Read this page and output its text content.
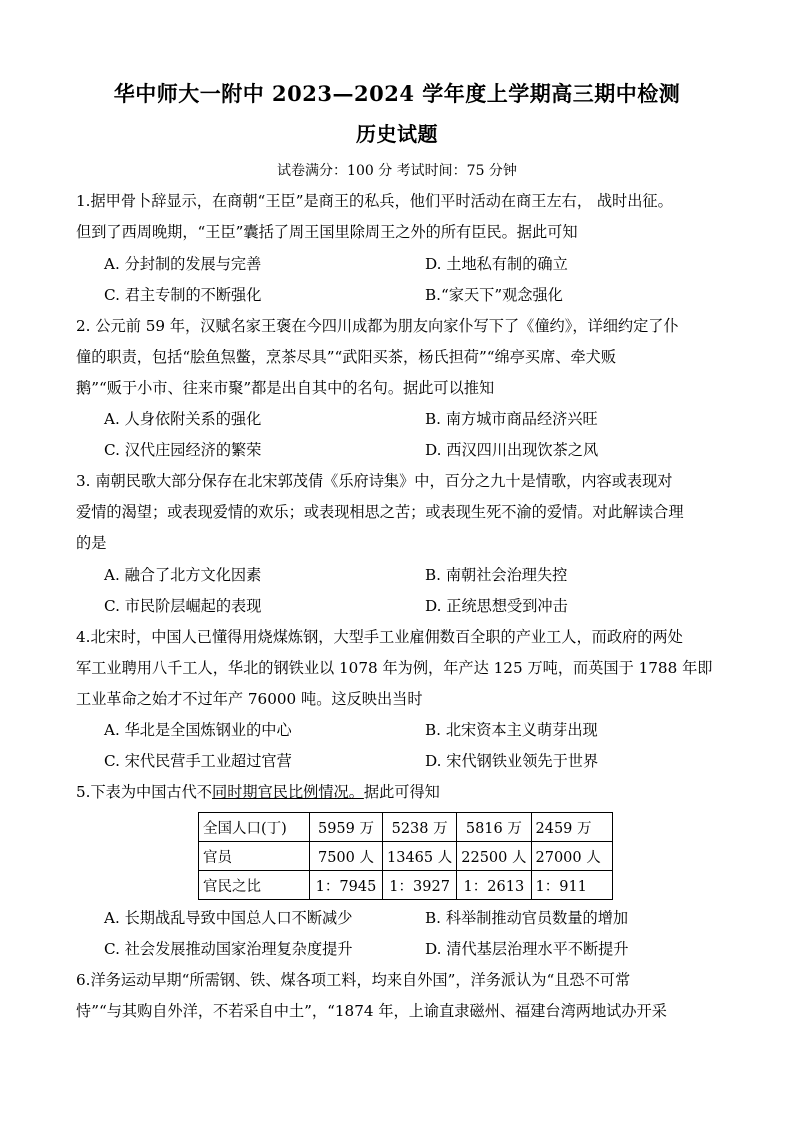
华中师大一附中 2023—2024 学年度上学期高三期中检测
历史试题
试卷满分：100 分 考试时间：75 分钟
1.据甲骨卜辞显示，在商朝“王臣”是商王的私兵，他们平时活动在商王左右， 战时出征。
但到了西周晚期，“王臣”囊括了周王国里除周王之外的所有臣民。据此可知
A. 分封制的发展与完善	D. 土地私有制的确立
C. 君主专制的不断强化	B.“家天下”观念强化
2. 公元前 59 年，汉赋名家王褒在今四川成都为朋友向家仆写下了《僮约》，详细约定了仆
僮的职责，包括“脍鱼炰鳖，烹茶尽具”“武阳买茶，杨氏担荷”“绵亭买席、牵犬贩
鹅”“贩于小市、往来市聚”都是出自其中的名句。据此可以推知
A. 人身依附关系的强化	B. 南方城市商品经济兴旺
C. 汉代庄园经济的繁荣	D. 西汉四川出现饮茶之风
3. 南朝民歌大部分保存在北宋郭茂倩《乐府诗集》中，百分之九十是情歌，内容或表现对
爱情的渴望；或表现爱情的欢乐；或表现相思之苦；或表现生死不渝的爱情。对此解读合理
的是
A. 融合了北方文化因素	B. 南朝社会治理失控
C. 市民阶层崛起的表现	D. 正统思想受到冲击
4.北宋时，中国人已懂得用烧煤炼钢，大型手工业雇佣数百全职的产业工人，而政府的两处
军工业聘用八千工人，华北的钢铁业以 1078 年为例，年产达 125 万吨，而英国于 1788 年即
工业革命之始才不过年产 76000 吨。这反映出当时
A. 华北是全国炼钢业的中心	B. 北宋资本主义萌芽出现
C. 宋代民营手工业超过官营	D. 宋代钢铁业领先于世界
5.下表为中国古代不同时期官民比例情况。据此可得知
全国人口(丁)	5959 万	5238 万	5816 万	2459 万
官员	7500 人	13465 人	22500 人	27000 人
官民之比	1：7945	1：3927	1：2613	1：911
A. 长期战乱导致中国总人口不断减少	B. 科举制推动官员数量的增加
C. 社会发展推动国家治理复杂度提升	D. 清代基层治理水平不断提升
6.洋务运动早期“所需钢、铁、煤各项工料，均来自外国”，洋务派认为“且恐不可常
恃”“与其购自外洋，不若采自中土”，“1874 年，上谕直隶磁州、福建台湾两地试办开采
